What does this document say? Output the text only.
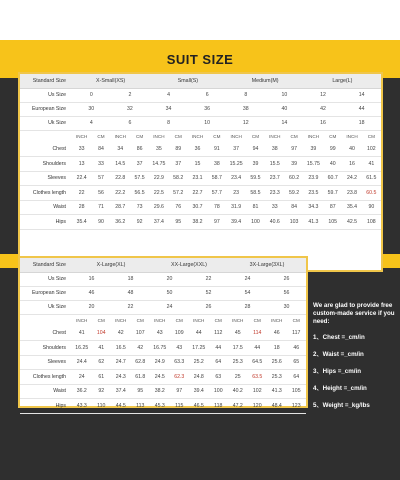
SUIT SIZE
Standard Size	X-Small(XS)				Small(S)				Medium(M)				Large(L)			
Us Size	0		2		4		6		8		10		12		14	
European Size	30		32		34		36		38		40		42		44	
Uk Size	4		6		8		10		12		14		16		18	
	INCH	CM	INCH	CM	INCH	CM	INCH	CM	INCH	CM	INCH	CM	INCH	CM	INCH	CM
Chest	33	84	34	86	35	89	36	91	37	94	38	97	39	99	40	102
Shoulders	13	33	14.5	37	14.75	37	15	38	15.25	39	15.5	39	15.75	40	16	41
Sleeves	22.4	57	22.8	57.5	22.9	58.2	23.1	58.7	23.4	59.5	23.7	60.2	23.9	60.7	24.2	61.5
Clothes length	22	56	22.2	56.5	22.5	57.2	22.7	57.7	23	58.5	23.3	59.2	23.5	59.7	23.8	60.5
Waist	28	71	28.7	73	29.6	76	30.7	78	31.9	81	33	84	34.3	87	35.4	90
Hips	35.4	90	36.2	92	37.4	95	38.2	97	39.4	100	40.6	103	41.3	105	42.5	108
Standard Size	X-Large(XL)				XX-Large(XXL)				3X-Large(3XL)			
Us Size	16		18		20		22		24		26	
European Size	46		48		50		52		54		56	
Uk Size	20		22		24		26		28		30	
	INCH	CM	INCH	CM	INCH	CM	INCH	CM	INCH	CM	INCH	CM
Chest	41	104	42	107	43	109	44	112	45	114	46	117
Shoulders	16.25	41	16.5	42	16.75	43	17.25	44	17.5	44	18	46
Sleeves	24.4	62	24.7	62.8	24.9	63.3	25.2	64	25.3	64.5	25.6	65
Clothes length	24	61	24.3	61.8	24.5	62.3	24.8	63	25	63.5	25.3	64
Waist	36.2	92	37.4	95	38.2	97	39.4	100	40.2	102	41.3	105
Hips	43.3	110	44.5	113	45.3	115	46.5	118	47.2	120	48.4	123
We are glad to provide free custom-made service if you need:
1、Chest =_cm/in
2、Waist =_cm/in
3、Hips =_cm/in
4、Height =_cm/in
5、Weight =_kg/lbs
